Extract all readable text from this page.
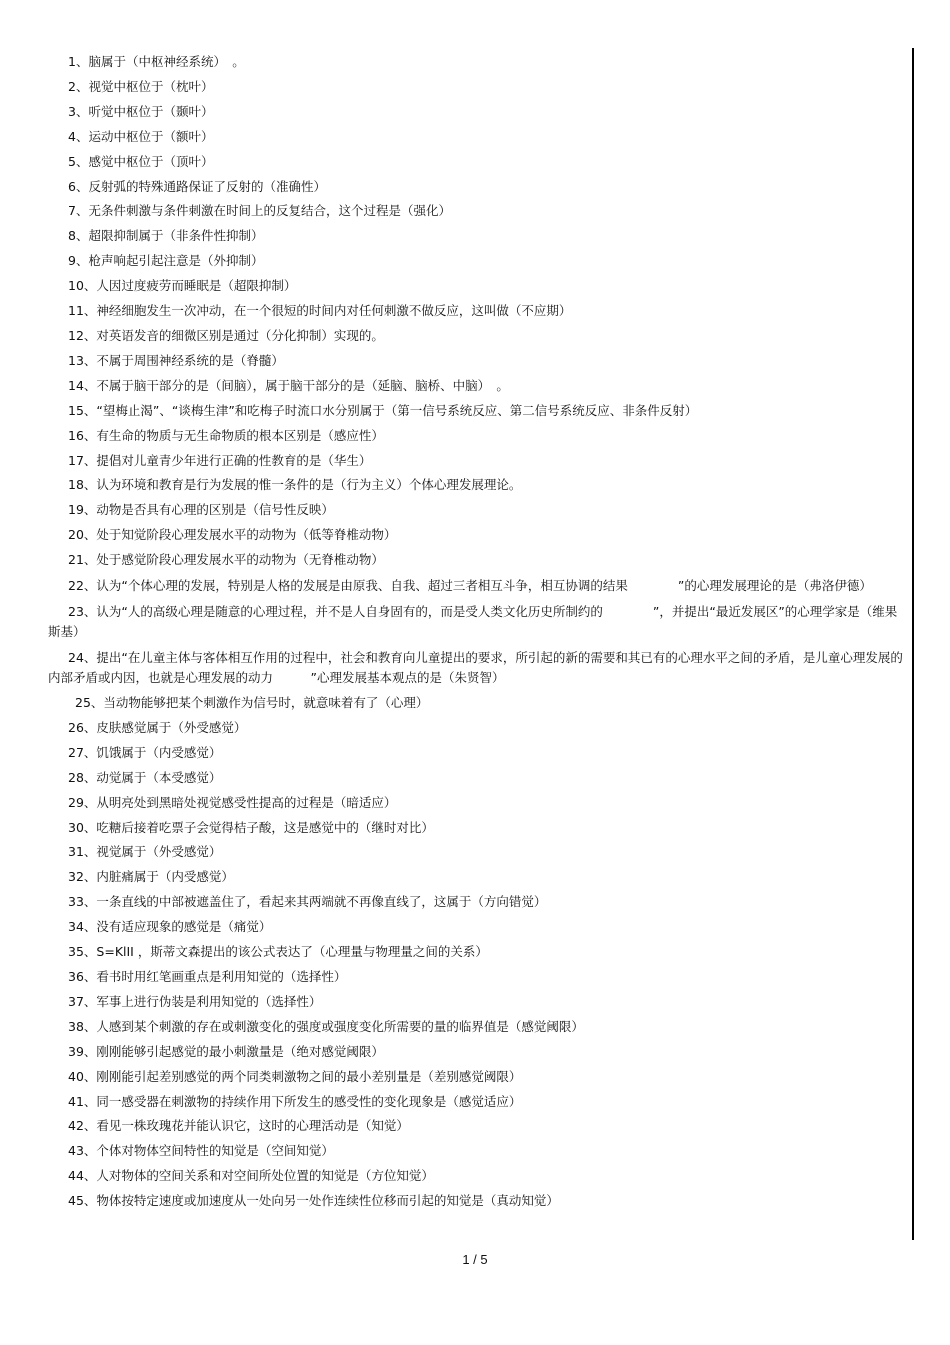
1、脑属于（中枢神经系统）　。
2、视觉中枢位于（枕叶）
3、听觉中枢位于（颞叶）
4、运动中枢位于（额叶）
5、感觉中枢位于（顶叶）
6、反射弧的特殊通路保证了反射的（准确性）
7、无条件刺激与条件刺激在时间上的反复结合，这个过程是（强化）
8、超限抑制属于（非条件性抑制）
9、枪声响起引起注意是（外抑制）
10、人因过度疲劳而睡眠是（超限抑制）
11、神经细胞发生一次冲动，在一个很短的时间内对任何刺激不做反应，这叫做（不应期）
12、对英语发音的细微区别是通过（分化抑制）实现的。
13、不属于周围神经系统的是（脊髓）
14、不属于脑干部分的是（间脑），属于脑干部分的是（延脑、脑桥、中脑）　。
15、“望梅止渴”、“谈梅生津”和吃梅子时流口水分别属于（第一信号系统反应、第二信号系统反应、非条件反射）
16、有生命的物质与无生命物质的根本区别是（感应性）
17、提倡对儿童青少年进行正确的性教育的是（华生）
18、认为环境和教育是行为发展的惟一条件的是（行为主义）个体心理发展理论。
19、动物是否具有心理的区别是（信号性反映）
20、处于知觉阶段心理发展水平的动物为（低等脊椎动物）
21、处于感觉阶段心理发展水平的动物为（无脊椎动物）
22、认为“个体心理的发展，特别是人格的发展是由原我、自我、超过三者相互斗争，相互协调的结果　　　　”的心理发展理论的是（弗洛伊德）
23、认为“人的高级心理是随意的心理过程，并不是人自身固有的，而是受人类文化历史所制约的　　　　”，并提出“最近发展区”的心理学家是（维果斯基）
24、提出“在儿童主体与客体相互作用的过程中，社会和教育向儿童提出的要求，所引起的新的需要和其已有的心理水平之间的矛盾，是儿童心理发展的内部矛盾或内因，也就是心理发展的动力　　　”心理发展基本观点的是（朱贤智）
25、当动物能够把某个刺激作为信号时，就意味着有了（心理）
26、皮肤感觉属于（外受感觉）
27、饥饿属于（内受感觉）
28、动觉属于（本受感觉）
29、从明亮处到黑暗处视觉感受性提高的过程是（暗适应）
30、吃糖后接着吃票子会觉得桔子酸，这是感觉中的（继时对比）
31、视觉属于（外受感觉）
32、内脏痛属于（内受感觉）
33、一条直线的中部被遮盖住了，看起来其两端就不再像直线了，这属于（方向错觉）
34、没有适应现象的感觉是（痛觉）
35、S=KlII ，斯蒂文森提出的该公式表达了（心理量与物理量之间的关系）
36、看书时用红笔画重点是利用知觉的（选择性）
37、军事上进行伪装是利用知觉的（选择性）
38、人感到某个刺激的存在或刺激变化的强度或强度变化所需要的量的临界值是（感觉阈限）
39、刚刚能够引起感觉的最小刺激量是（绝对感觉阈限）
40、刚刚能引起差别感觉的两个同类刺激物之间的最小差别量是（差别感觉阈限）
41、同一感受器在刺激物的持续作用下所发生的感受性的变化现象是（感觉适应）
42、看见一株玫瑰花并能认识它，这时的心理活动是（知觉）
43、个体对物体空间特性的知觉是（空间知觉）
44、人对物体的空间关系和对空间所处位置的知觉是（方位知觉）
45、物体按特定速度或加速度从一处向另一处作连续性位移而引起的知觉是（真动知觉）
1 / 5
